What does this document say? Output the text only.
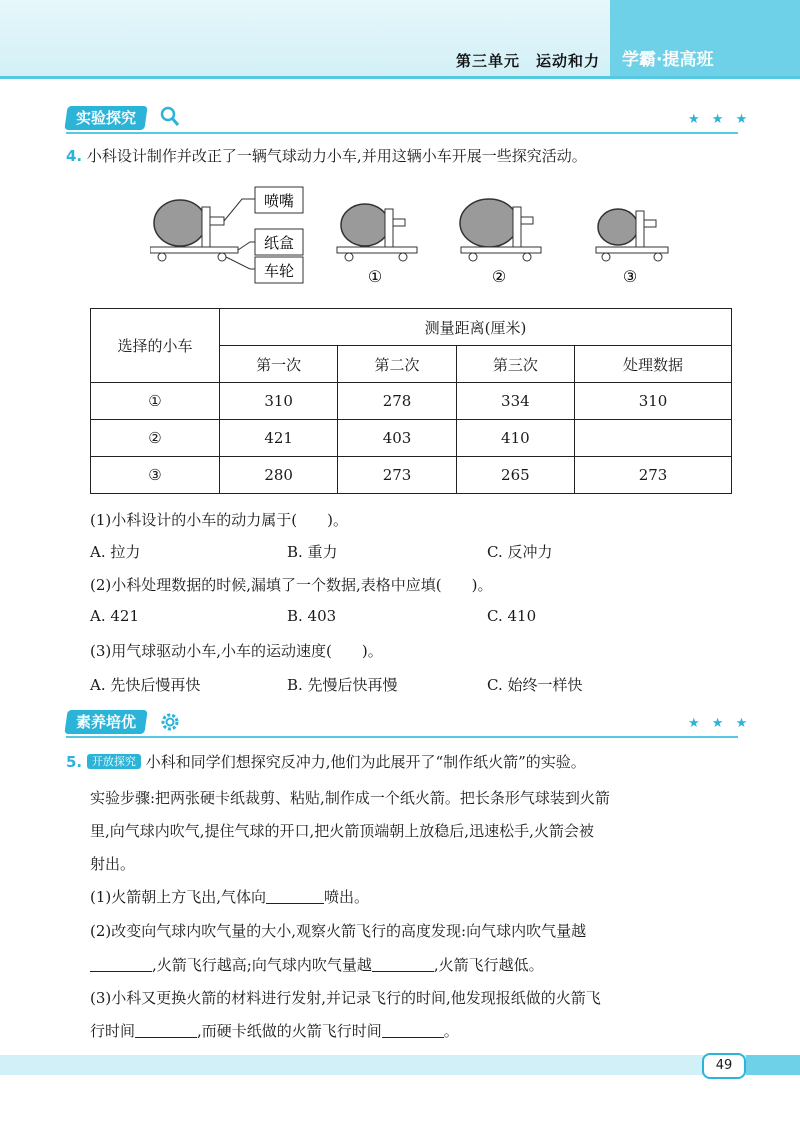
第三单元　运动和力 学霸·提高班
实验探究	★ ★ ★
4. 小科设计制作并改正了一辆气球动力小车,并用这辆小车开展一些探究活动。
喷嘴
纸盒
车轮	①	②	③
选择的小车	测量距离(厘米)			
	第一次	第二次	第三次	处理数据
①	310	278	334	310
②	421	403	410	
③	280	273	265	273
(1)小科设计的小车的动力属于(　　)。
A. 拉力	B. 重力	C. 反冲力
(2)小科处理数据的时候,漏填了一个数据,表格中应填(　　)。
A. 421	B. 403	C. 410
(3)用气球驱动小车,小车的运动速度(　　)。
A. 先快后慢再快	B. 先慢后快再慢	C. 始终一样快
素养培优	★ ★ ★
5. 开放探究 小科和同学们想探究反冲力,他们为此展开了“制作纸火箭”的实验。
实验步骤:把两张硬卡纸裁剪、粘贴,制作成一个纸火箭。把长条形气球装到火箭
里,向气球内吹气,提住气球的开口,把火箭顶端朝上放稳后,迅速松手,火箭会被
射出。
(1)火箭朝上方飞出,气体向	喷出。
(2)改变向气球内吹气量的大小,观察火箭飞行的高度发现:向气球内吹气量越
,火箭飞行越高;向气球内吹气量越	,火箭飞行越低。
(3)小科又更换火箭的材料进行发射,并记录飞行的时间,他发现报纸做的火箭飞
行时间	,而硬卡纸做的火箭飞行时间	。
49
